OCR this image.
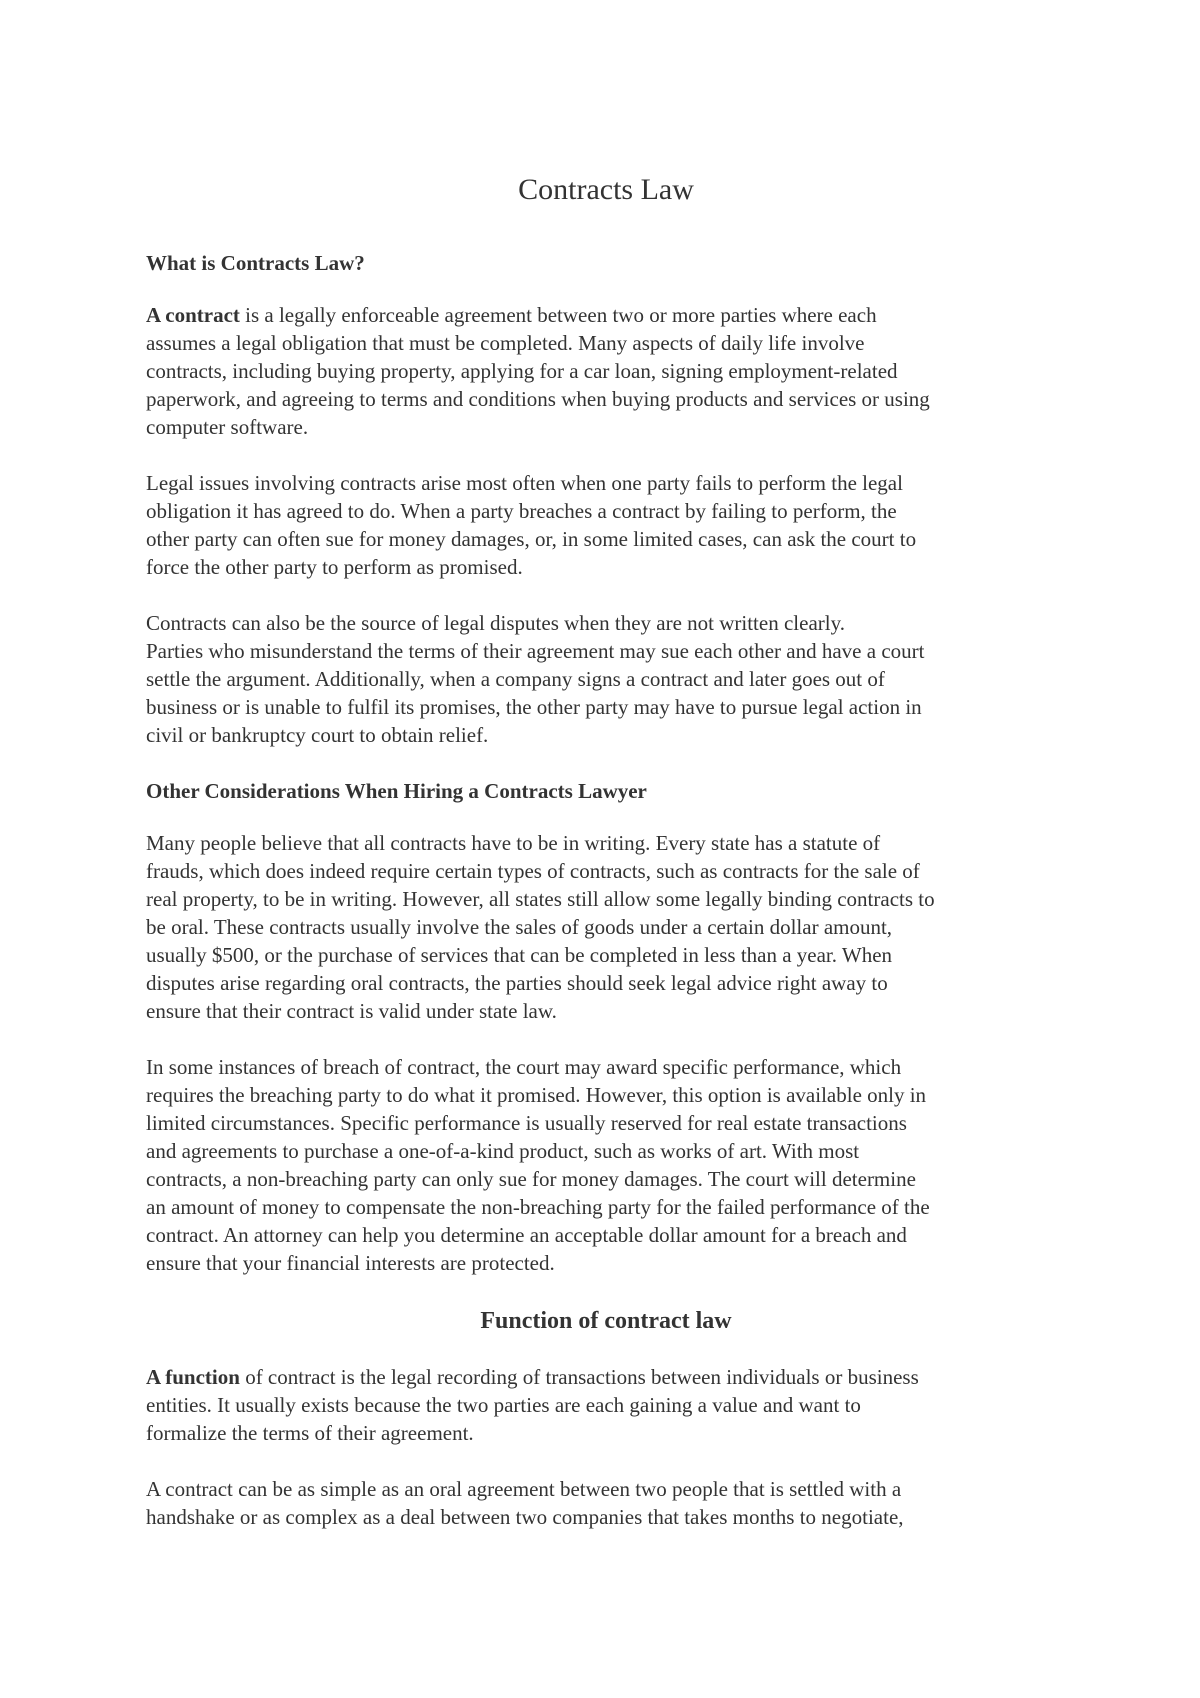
Contracts Law
What is Contracts Law?

A contract is a legally enforceable agreement between two or more parties where each
assumes a legal obligation that must be completed. Many aspects of daily life involve
contracts, including buying property, applying for a car loan, signing employment-related
paperwork, and agreeing to terms and conditions when buying products and services or using
computer software.

Legal issues involving contracts arise most often when one party fails to perform the legal
obligation it has agreed to do. When a party breaches a contract by failing to perform, the
other party can often sue for money damages, or, in some limited cases, can ask the court to
force the other party to perform as promised.

Contracts can also be the source of legal disputes when they are not written clearly.
Parties who misunderstand the terms of their agreement may sue each other and have a court
settle the argument. Additionally, when a company signs a contract and later goes out of
business or is unable to fulfil its promises, the other party may have to pursue legal action in
civil or bankruptcy court to obtain relief.

Other Considerations When Hiring a Contracts Lawyer

Many people believe that all contracts have to be in writing. Every state has a statute of
frauds, which does indeed require certain types of contracts, such as contracts for the sale of
real property, to be in writing. However, all states still allow some legally binding contracts to
be oral. These contracts usually involve the sales of goods under a certain dollar amount,
usually $500, or the purchase of services that can be completed in less than a year. When
disputes arise regarding oral contracts, the parties should seek legal advice right away to
ensure that their contract is valid under state law.

In some instances of breach of contract, the court may award specific performance, which
requires the breaching party to do what it promised. However, this option is available only in
limited circumstances. Specific performance is usually reserved for real estate transactions
and agreements to purchase a one-of-a-kind product, such as works of art. With most
contracts, a non-breaching party can only sue for money damages. The court will determine
an amount of money to compensate the non-breaching party for the failed performance of the
contract. An attorney can help you determine an acceptable dollar amount for a breach and
ensure that your financial interests are protected.

Function of contract law

A function of contract is the legal recording of transactions between individuals or business
entities. It usually exists because the two parties are each gaining a value and want to
formalize the terms of their agreement.

A contract can be as simple as an oral agreement between two people that is settled with a
handshake or as complex as a deal between two companies that takes months to negotiate,
